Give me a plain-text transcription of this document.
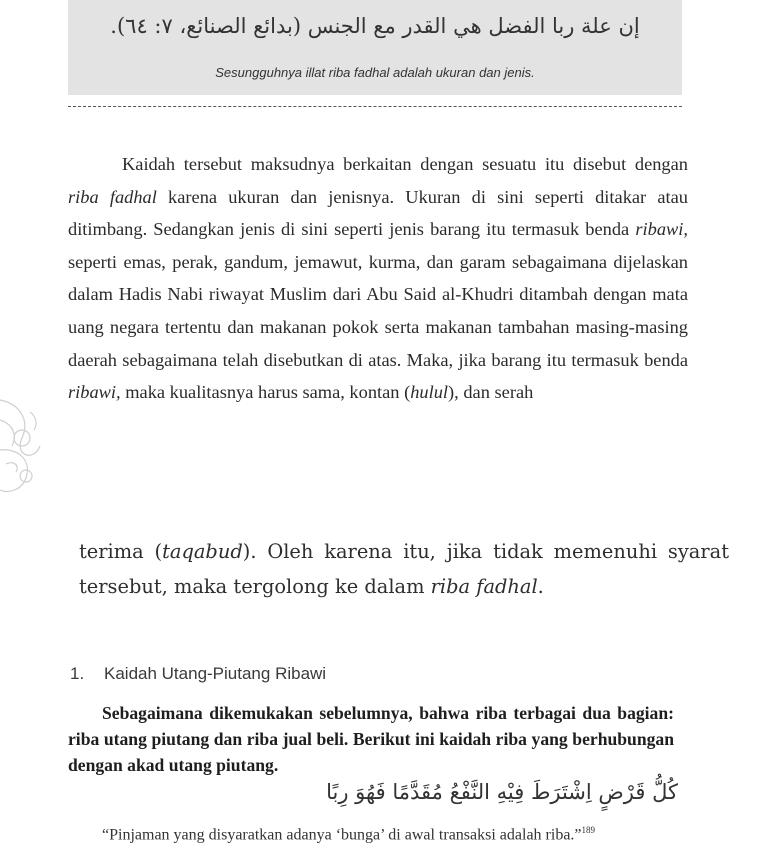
إن علة ربا الفضل هي القدر مع الجنس (بدائع الصنائع، ٧: ٦٤).
Sesungguhnya illat riba fadhal adalah ukuran dan jenis.

Kaidah tersebut maksudnya berkaitan dengan sesuatu itu disebut dengan riba fadhal karena ukuran dan jenisnya. Ukuran di sini seperti ditakar atau ditimbang. Sedangkan jenis di sini seperti jenis barang itu termasuk benda ribawi, seperti emas, perak, gandum, jemawut, kurma, dan garam sebagaimana dijelaskan dalam Hadis Nabi riwayat Muslim dari Abu Said al-Khudri ditambah dengan mata uang negara tertentu dan makanan pokok serta makanan tambahan masing-masing daerah sebagaimana telah disebutkan di atas. Maka, jika barang itu termasuk benda ribawi, maka kualitasnya harus sama, kontan (hulul), dan serah

terima (taqabud). Oleh karena itu, jika tidak memenuhi syarat tersebut, maka tergolong ke dalam riba fadhal.

1. Kaidah Utang-Piutang Ribawi

Sebagaimana dikemukakan sebelumnya, bahwa riba terbagai dua bagian: riba utang piutang dan riba jual beli. Berikut ini kaidah riba yang berhubungan dengan akad utang piutang.

كُلُّ قَرْضٍ اِشْتَرَطَ فِيْهِ النَّفْعُ مُقَدَّمًا فَهُوَ رِبًا
“Pinjaman yang disyaratkan adanya ‘bunga’ di awal transaksi adalah riba.”$^{189}$
